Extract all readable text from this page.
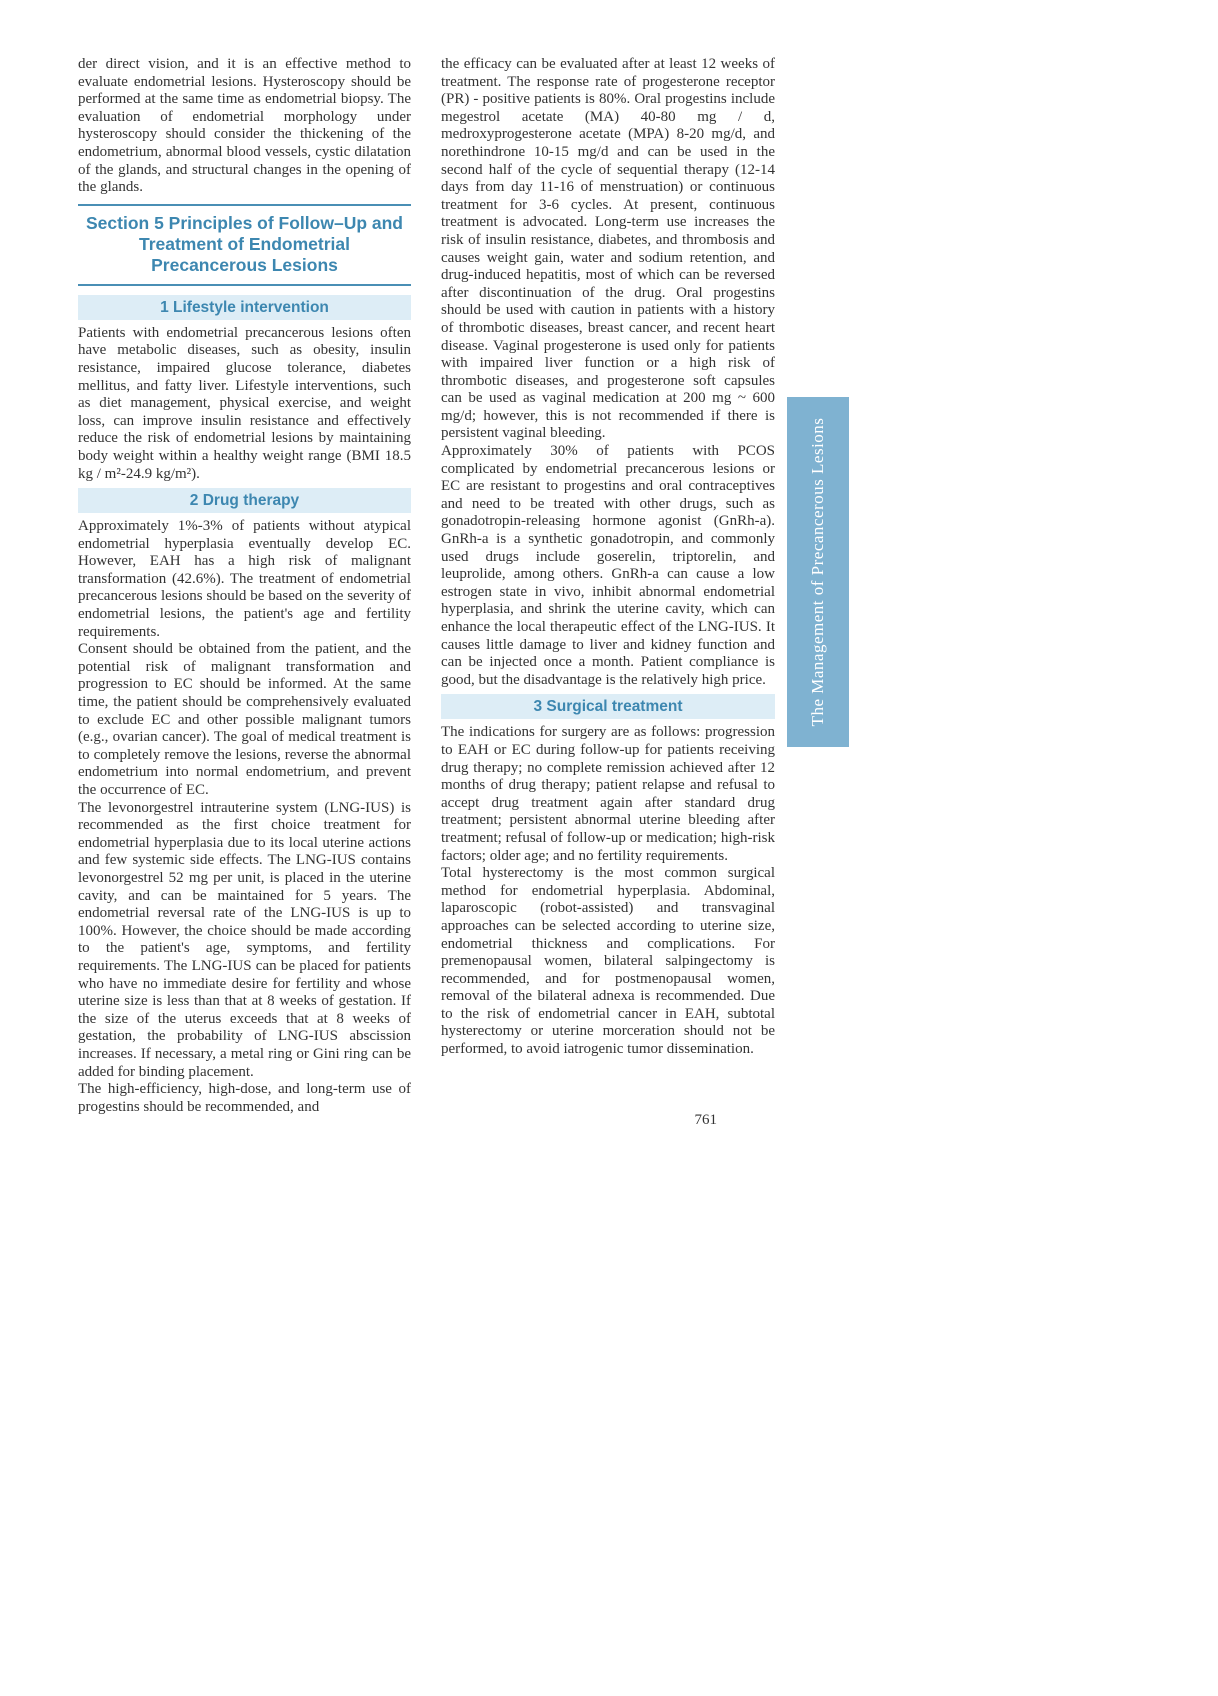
der direct vision, and it is an effective method to evaluate endometrial lesions. Hysteroscopy should be performed at the same time as endometrial biopsy. The evaluation of endometrial morphology under hysteroscopy should consider the thickening of the endometrium, abnormal blood vessels, cystic dilatation of the glands, and structural changes in the opening of the glands.
Section 5 Principles of Follow–Up and Treatment of Endometrial Precancerous Lesions
1 Lifestyle intervention
Patients with endometrial precancerous lesions often have metabolic diseases, such as obesity, insulin resistance, impaired glucose tolerance, diabetes mellitus, and fatty liver. Lifestyle interventions, such as diet management, physical exercise, and weight loss, can improve insulin resistance and effectively reduce the risk of endometrial lesions by maintaining body weight within a healthy weight range (BMI 18.5 kg / m²-24.9 kg/m²).
2 Drug therapy
Approximately 1%-3% of patients without atypical endometrial hyperplasia eventually develop EC. However, EAH has a high risk of malignant transformation (42.6%). The treatment of endometrial precancerous lesions should be based on the severity of endometrial lesions, the patient's age and fertility requirements.
Consent should be obtained from the patient, and the potential risk of malignant transformation and progression to EC should be informed. At the same time, the patient should be comprehensively evaluated to exclude EC and other possible malignant tumors (e.g., ovarian cancer). The goal of medical treatment is to completely remove the lesions, reverse the abnormal endometrium into normal endometrium, and prevent the occurrence of EC.
The levonorgestrel intrauterine system (LNG-IUS) is recommended as the first choice treatment for endometrial hyperplasia due to its local uterine actions and few systemic side effects. The LNG-IUS contains levonorgestrel 52 mg per unit, is placed in the uterine cavity, and can be maintained for 5 years. The endometrial reversal rate of the LNG-IUS is up to 100%. However, the choice should be made according to the patient's age, symptoms, and fertility requirements. The LNG-IUS can be placed for patients who have no immediate desire for fertility and whose uterine size is less than that at 8 weeks of gestation. If the size of the uterus exceeds that at 8 weeks of gestation, the probability of LNG-IUS abscission increases. If necessary, a metal ring or Gini ring can be added for binding placement.
The high-efficiency, high-dose, and long-term use of progestins should be recommended, and
the efficacy can be evaluated after at least 12 weeks of treatment. The response rate of progesterone receptor (PR) - positive patients is 80%. Oral progestins include megestrol acetate (MA) 40-80 mg / d, medroxyprogesterone acetate (MPA) 8-20 mg/d, and norethindrone 10-15 mg/d and can be used in the second half of the cycle of sequential therapy (12-14 days from day 11-16 of menstruation) or continuous treatment for 3-6 cycles. At present, continuous treatment is advocated. Long-term use increases the risk of insulin resistance, diabetes, and thrombosis and causes weight gain, water and sodium retention, and drug-induced hepatitis, most of which can be reversed after discontinuation of the drug. Oral progestins should be used with caution in patients with a history of thrombotic diseases, breast cancer, and recent heart disease. Vaginal progesterone is used only for patients with impaired liver function or a high risk of thrombotic diseases, and progesterone soft capsules can be used as vaginal medication at 200 mg ~ 600 mg/d; however, this is not recommended if there is persistent vaginal bleeding.
Approximately 30% of patients with PCOS complicated by endometrial precancerous lesions or EC are resistant to progestins and oral contraceptives and need to be treated with other drugs, such as gonadotropin-releasing hormone agonist (GnRh-a). GnRh-a is a synthetic gonadotropin, and commonly used drugs include goserelin, triptorelin, and leuprolide, among others. GnRh-a can cause a low estrogen state in vivo, inhibit abnormal endometrial hyperplasia, and shrink the uterine cavity, which can enhance the local therapeutic effect of the LNG-IUS. It causes little damage to liver and kidney function and can be injected once a month. Patient compliance is good, but the disadvantage is the relatively high price.
3 Surgical treatment
The indications for surgery are as follows: progression to EAH or EC during follow-up for patients receiving drug therapy; no complete remission achieved after 12 months of drug therapy; patient relapse and refusal to accept drug treatment again after standard drug treatment; persistent abnormal uterine bleeding after treatment; refusal of follow-up or medication; high-risk factors; older age; and no fertility requirements.
Total hysterectomy is the most common surgical method for endometrial hyperplasia. Abdominal, laparoscopic (robot-assisted) and transvaginal approaches can be selected according to uterine size, endometrial thickness and complications. For premenopausal women, bilateral salpingectomy is recommended, and for postmenopausal women, removal of the bilateral adnexa is recommended. Due to the risk of endometrial cancer in EAH, subtotal hysterectomy or uterine morceration should not be performed, to avoid iatrogenic tumor dissemination.
761
The Management of Precancerous Lesions
